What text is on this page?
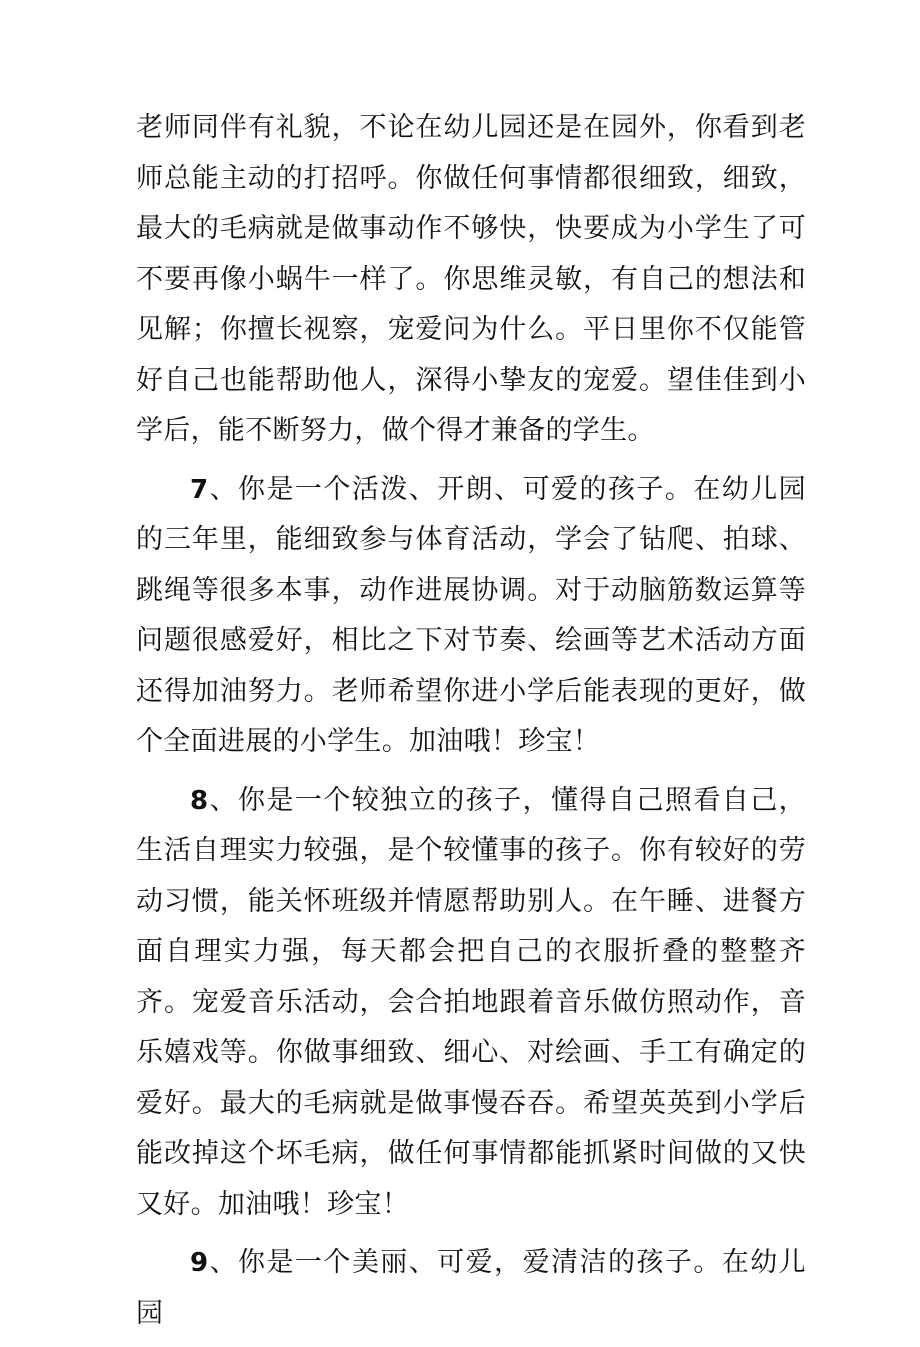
老师同伴有礼貌，不论在幼儿园还是在园外，你看到老师总能主动的打招呼。你做任何事情都很细致，细致，最大的毛病就是做事动作不够快，快要成为小学生了可不要再像小蜗牛一样了。你思维灵敏，有自己的想法和见解；你擅长视察，宠爱问为什么。平日里你不仅能管好自己也能帮助他人，深得小挚友的宠爱。望佳佳到小学后，能不断努力，做个得才兼备的学生。

7、你是一个活泼、开朗、可爱的孩子。在幼儿园的三年里，能细致参与体育活动，学会了钻爬、拍球、跳绳等很多本事，动作进展协调。对于动脑筋数运算等问题很感爱好，相比之下对节奏、绘画等艺术活动方面还得加油努力。老师希望你进小学后能表现的更好，做个全面进展的小学生。加油哦！珍宝！

8、你是一个较独立的孩子，懂得自己照看自己，生活自理实力较强，是个较懂事的孩子。你有较好的劳动习惯，能关怀班级并情愿帮助别人。在午睡、进餐方面自理实力强，每天都会把自己的衣服折叠的整整齐齐。宠爱音乐活动，会合拍地跟着音乐做仿照动作，音乐嬉戏等。你做事细致、细心、对绘画、手工有确定的爱好。最大的毛病就是做事慢吞吞。希望英英到小学后能改掉这个坏毛病，做任何事情都能抓紧时间做的又快又好。加油哦！珍宝！

9、你是一个美丽、可爱，爱清洁的孩子。在幼儿园
